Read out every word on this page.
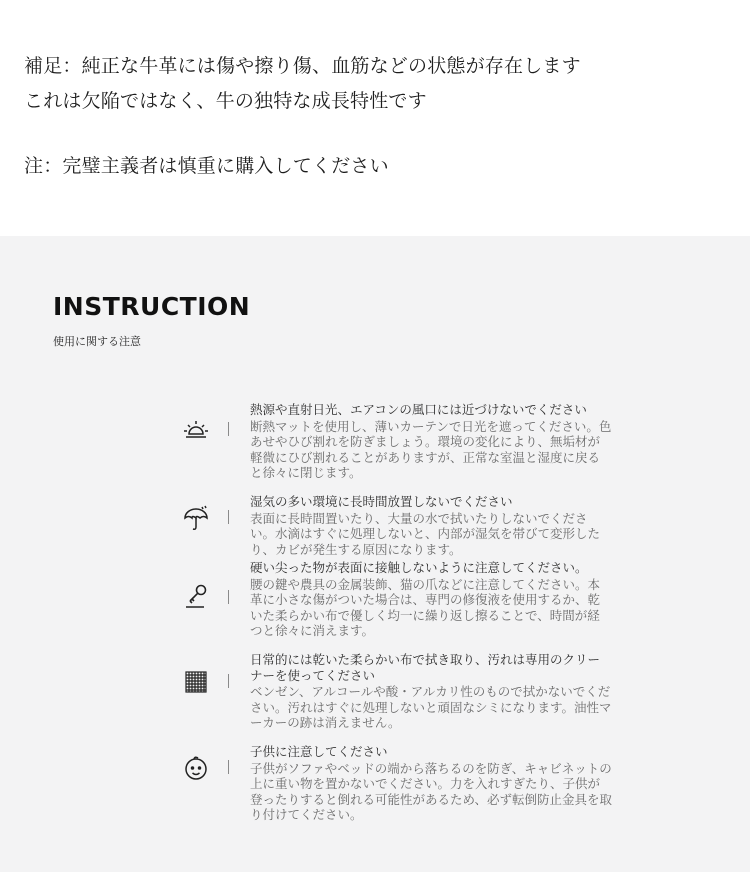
補足：純正な牛革には傷や擦り傷、血筋などの状態が存在します
これは欠陥ではなく、牛の独特な成長特性です
注：完璧主義者は慎重に購入してください
INSTRUCTION
使用に関する注意
熱源や直射日光、エアコンの風口には近づけないでください
断熱マットを使用し、薄いカーテンで日光を遮ってください。色あせやひび割れを防ぎましょう。環境の変化により、無垢材が軽微にひび割れることがありますが、正常な室温と湿度に戻ると徐々に閉じます。
湿気の多い環境に長時間放置しないでください
表面に長時間置いたり、大量の水で拭いたりしないでください。水滴はすぐに処理しないと、内部が湿気を帯びて変形したり、カビが発生する原因になります。
硬い尖った物が表面に接触しないように注意してください。
腰の鍵や農具の金属装飾、猫の爪などに注意してください。本革に小さな傷がついた場合は、専門の修復液を使用するか、乾いた柔らかい布で優しく均一に繰り返し擦ることで、時間が経つと徐々に消えます。
日常的には乾いた柔らかい布で拭き取り、汚れは専用のクリーナーを使ってください
ベンゼン、アルコールや酸・アルカリ性のもので拭かないでください。汚れはすぐに処理しないと頑固なシミになります。油性マーカーの跡は消えません。
子供に注意してください
子供がソファやベッドの端から落ちるのを防ぎ、キャビネットの上に重い物を置かないでください。力を入れすぎたり、子供が登ったりすると倒れる可能性があるため、必ず転倒防止金具を取り付けてください。
